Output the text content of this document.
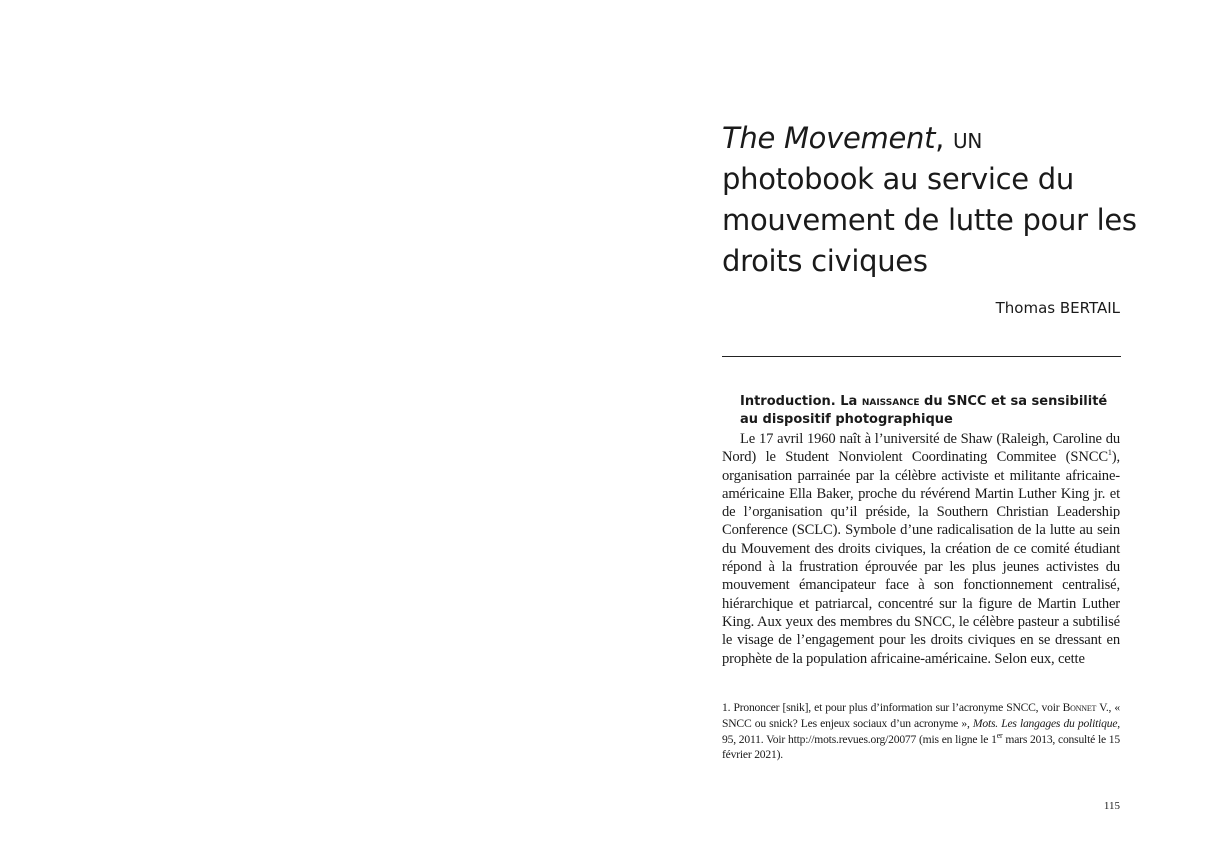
The Movement, un photobook au service du mouvement de lutte pour les droits civiques
Thomas BERTAIL
Introduction. La naissance du SNCC et sa sensibilité au dispositif photographique

Le 17 avril 1960 naît à l’université de Shaw (Raleigh, Caroline du Nord) le Student Nonviolent Coordinating Commitee (SNCC$^1$), organisation parrainée par la célèbre activiste et militante africaine-américaine Ella Baker, proche du révérend Martin Luther King jr. et de l’organisation qu’il préside, la Southern Christian Leadership Conference (SCLC). Symbole d’une radicalisation de la lutte au sein du Mouvement des droits civiques, la création de ce comité étudiant répond à la frustration éprouvée par les plus jeunes activistes du mouvement émancipateur face à son fonctionnement centralisé, hiérarchique et patriarcal, concentré sur la figure de Martin Luther King. Aux yeux des membres du SNCC, le célèbre pasteur a subtilisé le visage de l’engagement pour les droits civiques en se dressant en prophète de la population africaine-américaine. Selon eux, cette

1. Prononcer [snik], et pour plus d’information sur l’acronyme SNCC, voir Bonnet V., « SNCC ou snick? Les enjeux sociaux d’un acronyme », Mots. Les langages du politique, 95, 2011. Voir http://mots.revues.org/20077 (mis en ligne le 1er mars 2013, consulté le 15 février 2021).

115
